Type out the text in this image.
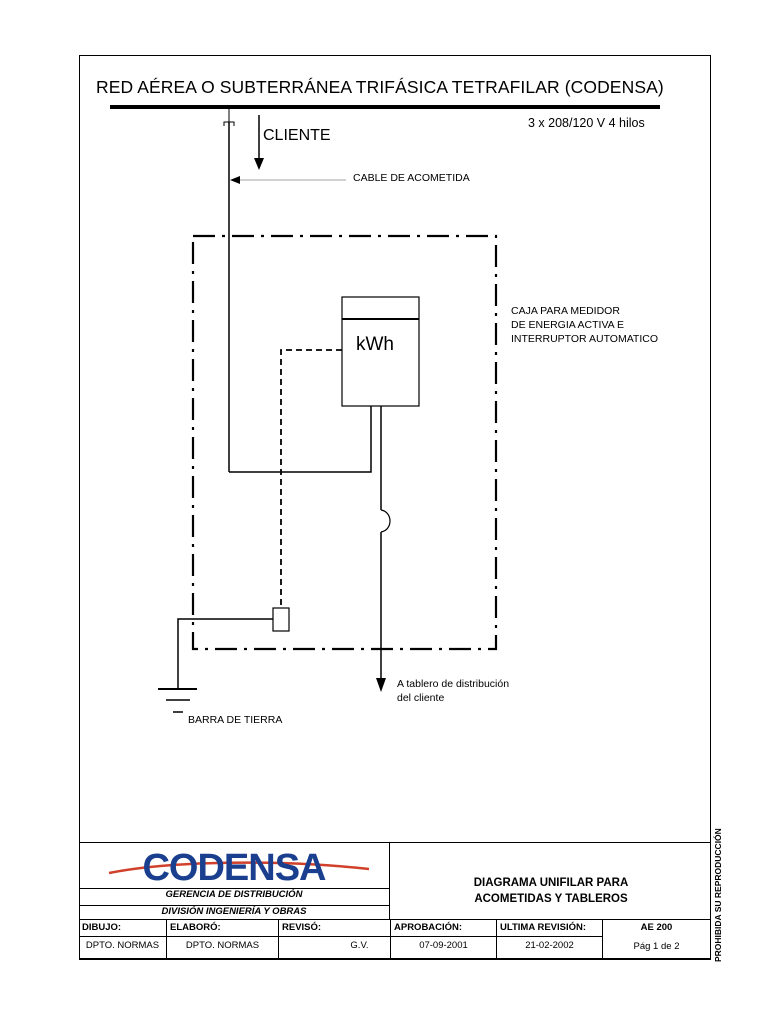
RED AÉREA O SUBTERRÁNEA TRIFÁSICA TETRAFILAR (CODENSA)
3 x 208/120 V 4 hilos
CLIENTE
CABLE DE ACOMETIDA
CAJA PARA MEDIDOR
DE ENERGIA ACTIVA E
INTERRUPTOR AUTOMATICO
kWh
A tablero de distribución
del cliente
BARRA DE TIERRA
CODENSA
GERENCIA DE DISTRIBUCIÓN
DIVISIÓN INGENIERÍA Y OBRAS
DIAGRAMA UNIFILAR PARA
ACOMETIDAS Y TABLEROS
DIBUJO:
DPTO. NORMAS
ELABORÓ:
DPTO. NORMAS
REVISÓ:
G.V.
APROBACIÓN:
07-09-2001
ULTIMA REVISIÓN:
21-02-2002
AE 200
Pág 1 de 2	PROHIBIDA SU REPRODUCCIÓN
